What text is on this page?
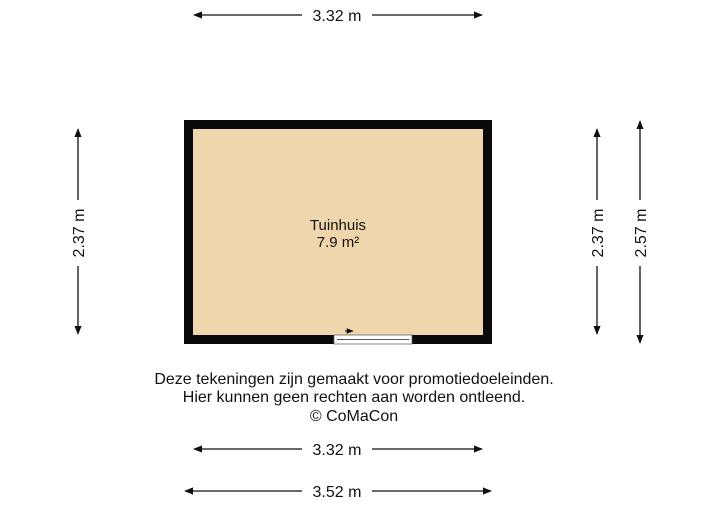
Tuinhuis
7.9 m²
3.32 m
2.37 m	2.37 m 2.57 m
Deze tekeningen zijn gemaakt voor promotiedoeleinden.
Hier kunnen geen rechten aan worden ontleend.
© CoMaCon
3.32 m
3.52 m
